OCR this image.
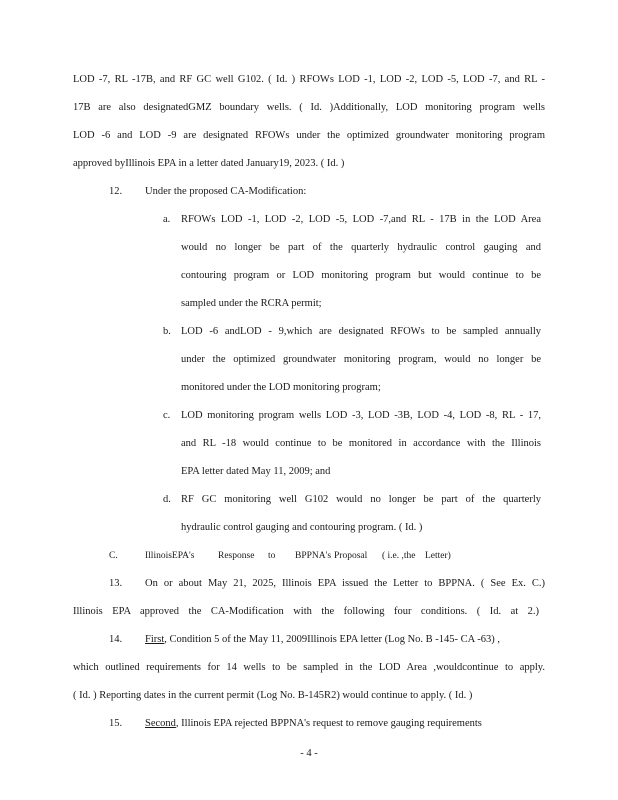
LOD -7, RL -17B, and RF GC well G102. ( Id. ) RFOWs LOD -1, LOD -2, LOD -5, LOD -7, and RL -
17B are also designatedGMZ boundary wells. ( Id. )Additionally, LOD monitoring program wells
LOD -6 and LOD -9 are designated RFOWs under the optimized groundwater monitoring program
approved byIllinois EPA in a letter dated January19, 2023. ( Id. )
12. Under the proposed CA-Modification:
a. RFOWs LOD -1, LOD -2, LOD -5, LOD -7,and RL - 17B in the LOD Area
would no longer be part of the quarterly hydraulic control gauging and
contouring program or LOD monitoring program but would continue to be
sampled under the RCRA permit;
b. LOD -6 andLOD - 9,which are designated RFOWs to be sampled annually
under the optimized groundwater monitoring program, would no longer be
monitored under the LOD monitoring program;
c. LOD monitoring program wells LOD -3, LOD -3B, LOD -4, LOD -8, RL - 17,
and RL -18 would continue to be monitored in accordance with the Illinois
EPA letter dated May 11, 2009; and
d. RF GC monitoring well G102 would no longer be part of the quarterly
hydraulic control gauging and contouring program. ( Id. )
C.	IllinoisEPA's Response to BPPNA's Proposal ( i.e. ,the Letter)
13. On or about May 21, 2025, Illinois EPA issued the Letter to BPPNA. ( See Ex. C.)
Illinois EPA approved the CA-Modification with the following four conditions. ( Id. at 2.)
14. First, Condition 5 of the May 11, 2009Illinois EPA letter (Log No. B -145- CA -63) ,
which outlined requirements for 14 wells to be sampled in the LOD Area ,wouldcontinue to apply.
( Id. ) Reporting dates in the current permit (Log No. B-145R2) would continue to apply. ( Id. )
15. Second, Illinois EPA rejected BPPNA's request to remove gauging requirements
- 4 -
